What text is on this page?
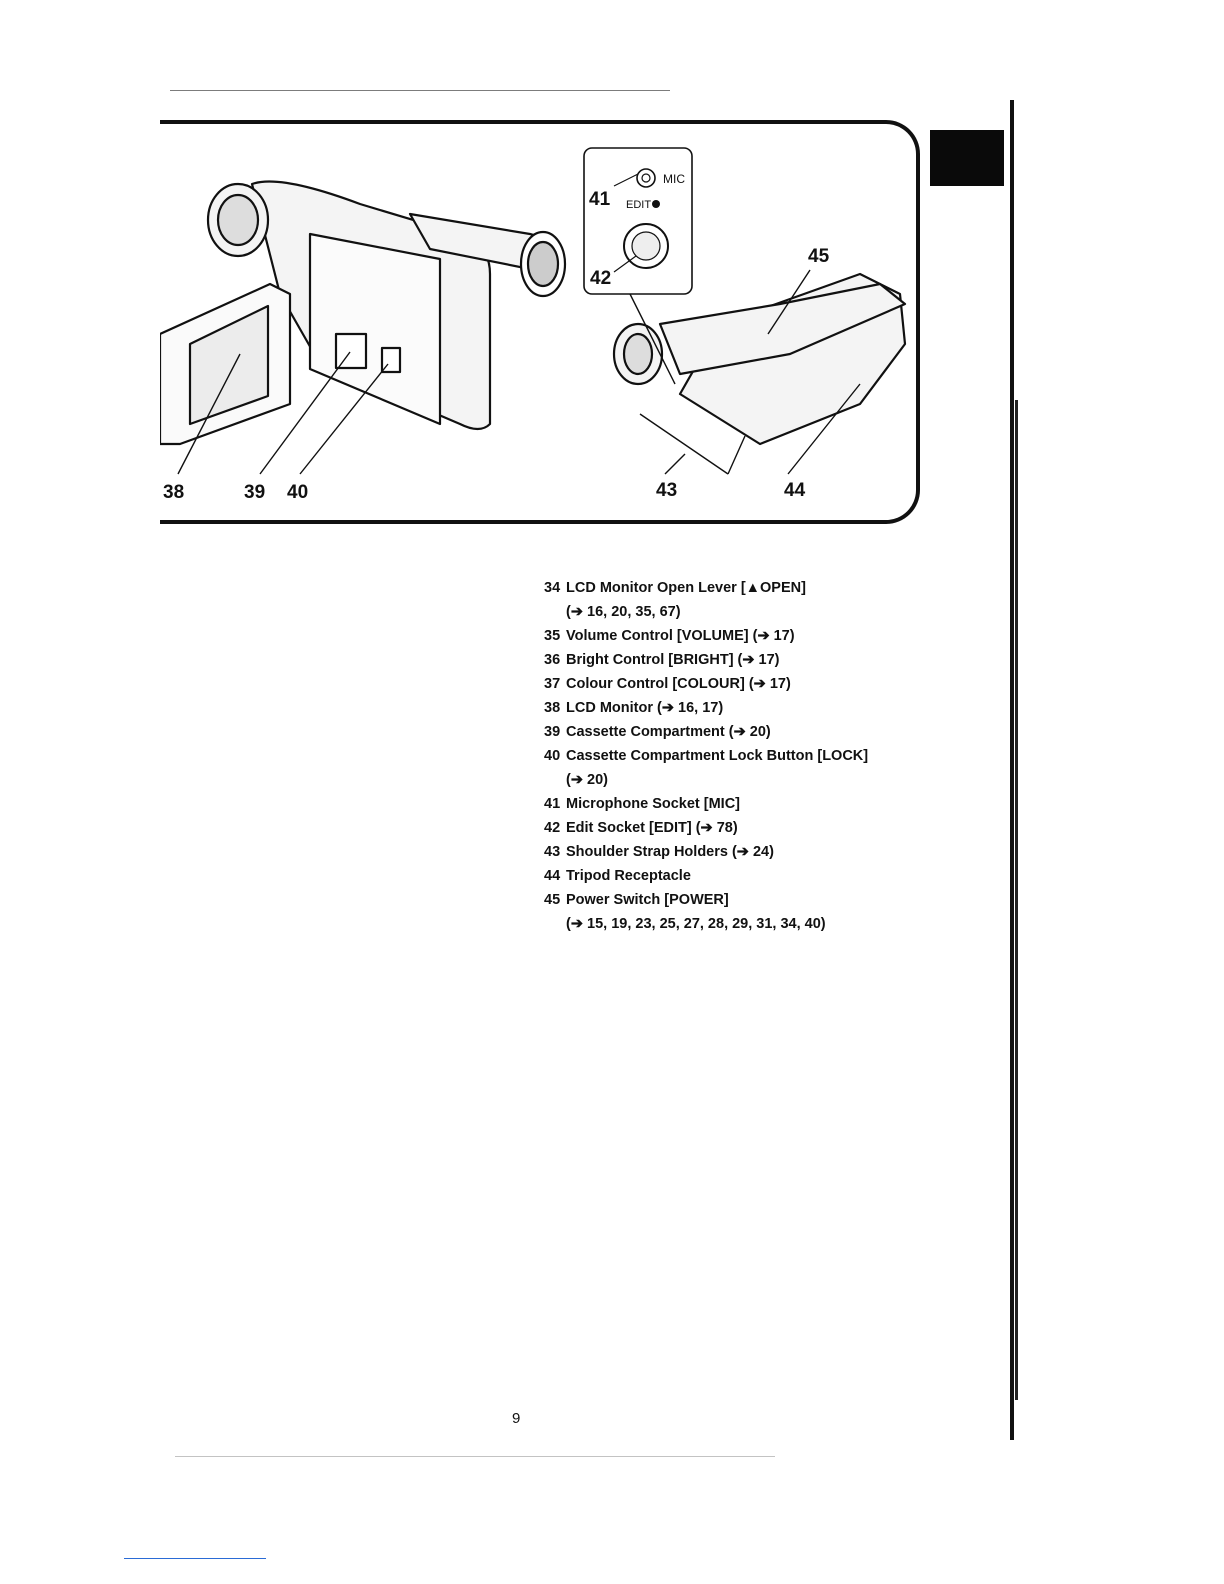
38	39 40
41
42
43	44
45
MIC
EDIT
34 LCD Monitor Open Lever [▲OPEN]
(➔ 16, 20, 35, 67)
35 Volume Control [VOLUME] (➔ 17)
36 Bright Control [BRIGHT] (➔ 17)
37 Colour Control [COLOUR] (➔ 17)
38 LCD Monitor (➔ 16, 17)
39 Cassette Compartment (➔ 20)
40 Cassette Compartment Lock Button [LOCK]
(➔ 20)
41 Microphone Socket [MIC]
42 Edit Socket [EDIT] (➔ 78)
43 Shoulder Strap Holders (➔ 24)
44 Tripod Receptacle
45 Power Switch [POWER]
(➔ 15, 19, 23, 25, 27, 28, 29, 31, 34, 40)
9
